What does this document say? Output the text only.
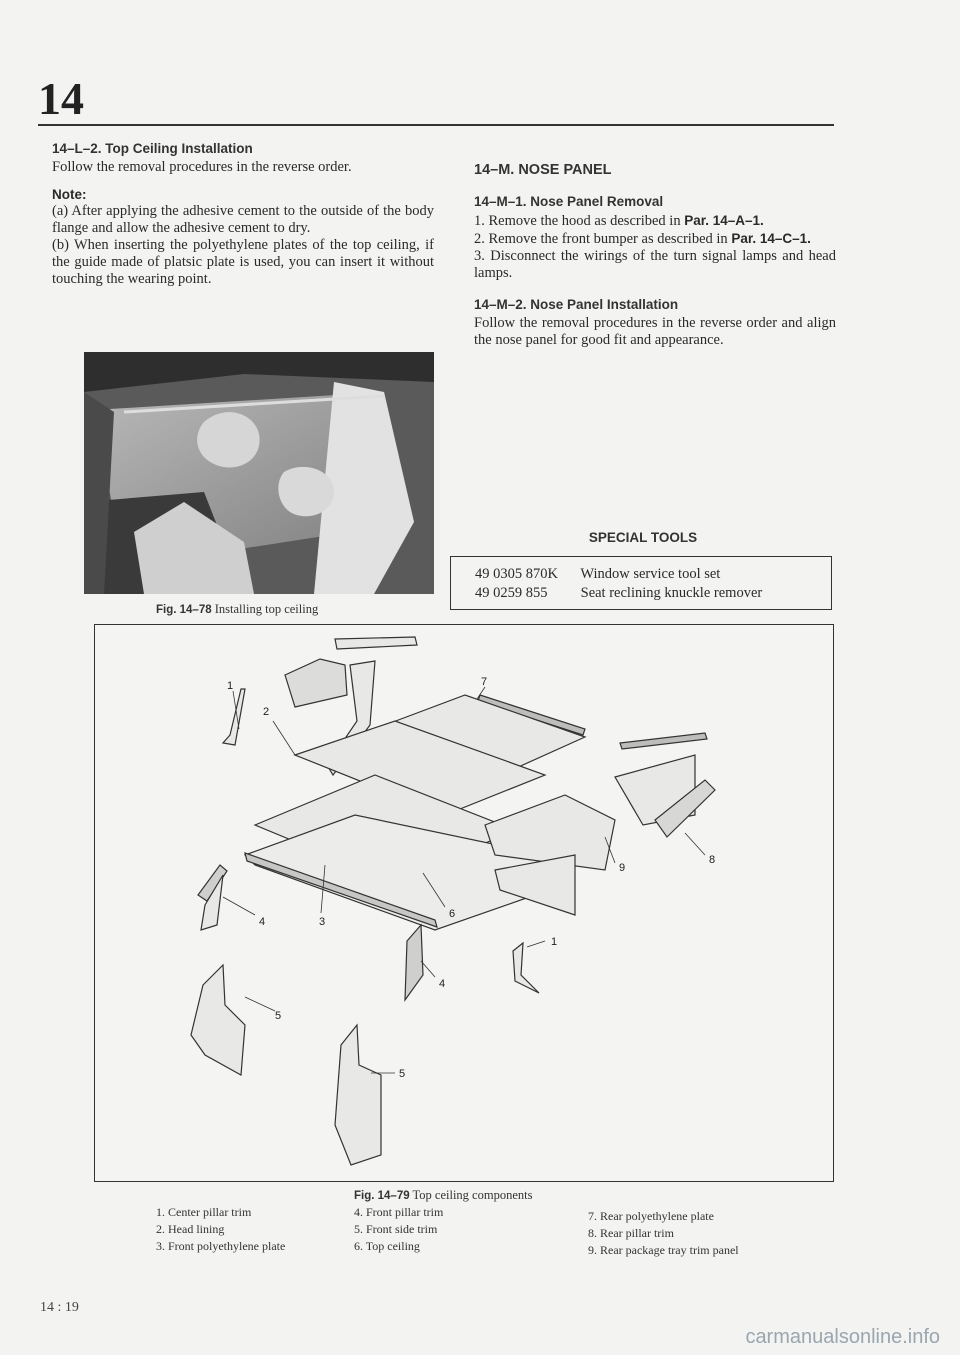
14

14–L–2. Top Ceiling Installation

Follow the removal procedures in the reverse order.

Note:

(a) After applying the adhesive cement to the outside of the body flange and allow the adhesive cement to dry.

(b) When inserting the polyethylene plates of the top ceiling, if the guide made of platsic plate is used, you can insert it without touching the wearing point.

Fig. 14–78 Installing top ceiling

14–M. NOSE PANEL

14–M–1. Nose Panel Removal

1. Remove the hood as described in Par. 14–A–1.

2. Remove the front bumper as described in Par. 14–C–1.

3. Disconnect the wirings of the turn signal lamps and head lamps.

14–M–2. Nose Panel Installation

Follow the removal procedures in the reverse order and align the nose panel for good fit and appearance.

SPECIAL TOOLS
49 0305 870K Window service tool set
49 0259 855 Seat reclining knuckle remover
1
2
7
9
8
4	3
6
1
5
4
5
Fig. 14–79 Top ceiling components
1. Center pillar trim
2. Head lining
3. Front polyethylene plate
4. Front pillar trim
5. Front side trim
6. Top ceiling
7. Rear polyethylene plate
8. Rear pillar trim
9. Rear package tray trim panel
14 : 19
carmanualsonline.info
